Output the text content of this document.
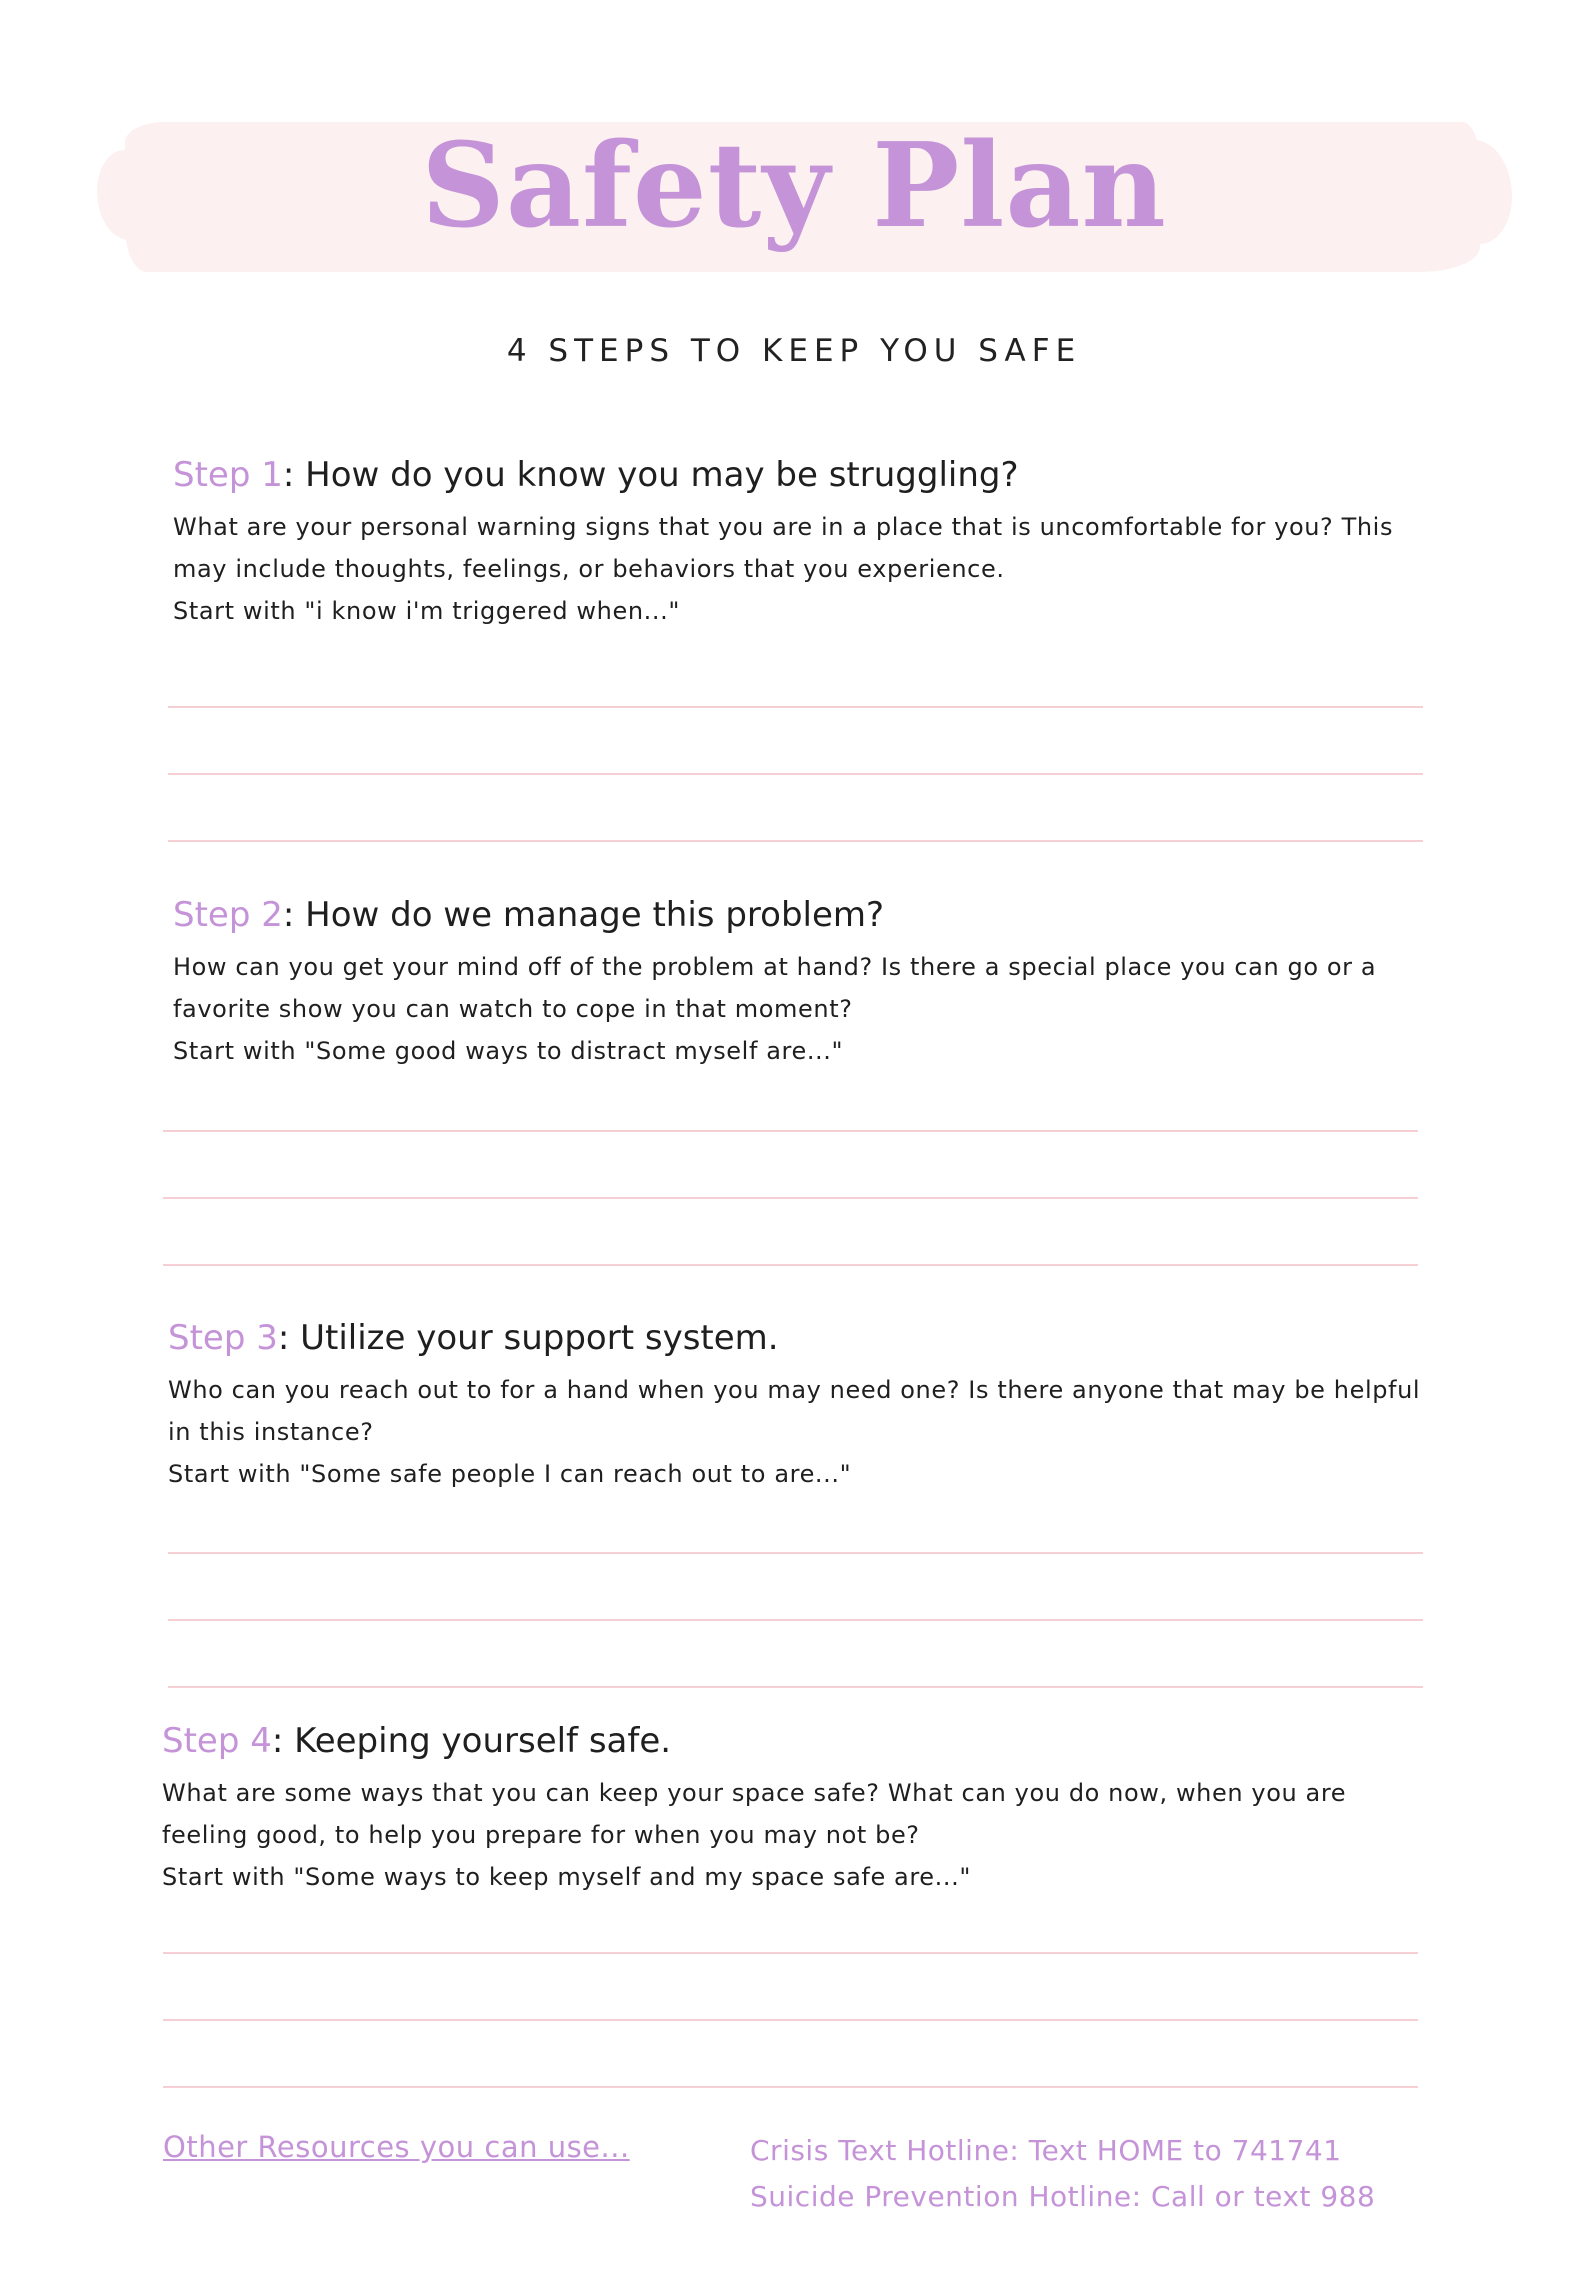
Safety Plan

4 STEPS TO KEEP YOU SAFE

Step 1: How do you know you may be struggling?

What are your personal warning signs that you are in a place that is uncomfortable for you? This may include thoughts, feelings, or behaviors that you experience.
Start with "i know i'm triggered when..."

Step 2: How do we manage this problem?

How can you get your mind off of the problem at hand? Is there a special place you can go or a favorite show you can watch to cope in that moment?
Start with "Some good ways to distract myself are..."

Step 3: Utilize your support system.

Who can you reach out to for a hand when you may need one? Is there anyone that may be helpful in this instance?
Start with "Some safe people I can reach out to are..."

Step 4: Keeping yourself safe.

What are some ways that you can keep your space safe? What can you do now, when you are feeling good, to help you prepare for when you may not be?
Start with "Some ways to keep myself and my space safe are..."

Other Resources you can use...	Crisis Text Hotline: Text HOME to 741741
Suicide Prevention Hotline: Call or text 988
